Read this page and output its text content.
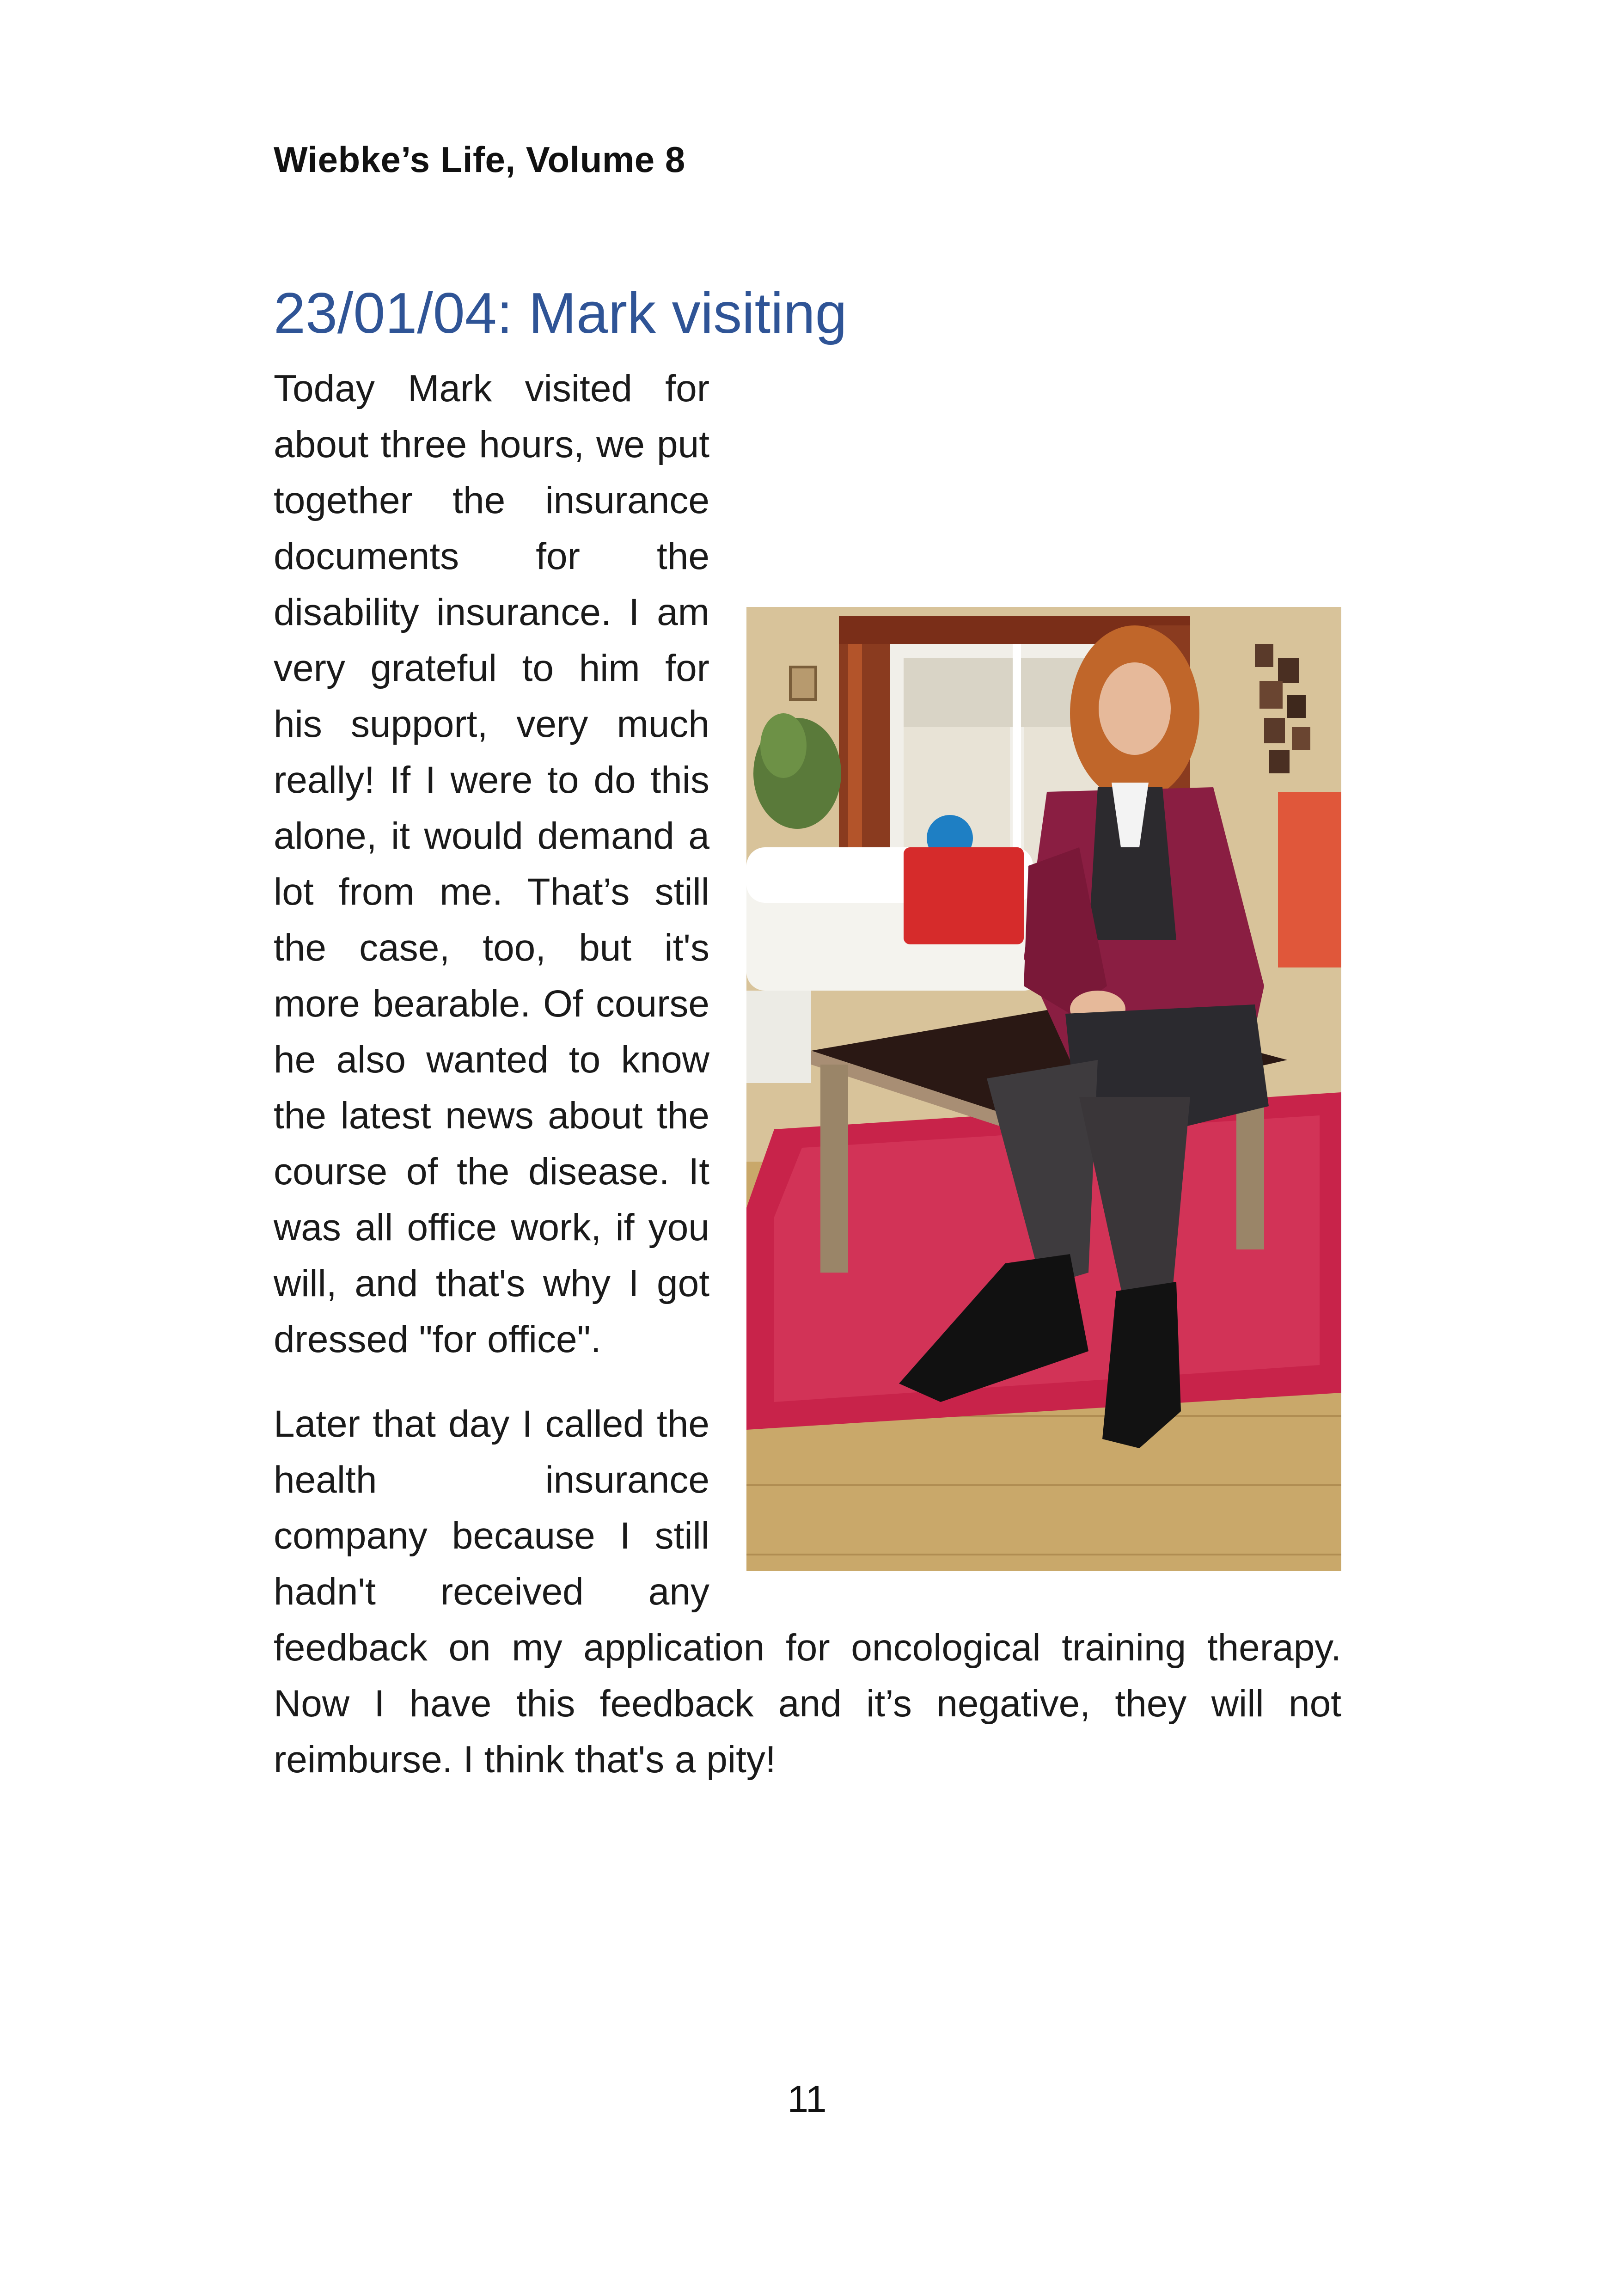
Wiebke’s Life, Volume 8
23/01/04: Mark visiting

Today Mark visited for about three hours, we put together the insurance documents for the disability insurance. I am very grateful to him for his support, very much really! If I were to do this alone, it would demand a lot from me. That’s still the case, too, but it's more bearable. Of course he also wanted to know the latest news about the course of the disease. It was all office work, if you will, and that's why I got dressed "for office".

Later that day I called the health insurance company because I still hadn't received any feedback on my application for oncological training therapy. Now I have this feedback and it’s negative, they will not reimburse. I think that's a pity!

11
